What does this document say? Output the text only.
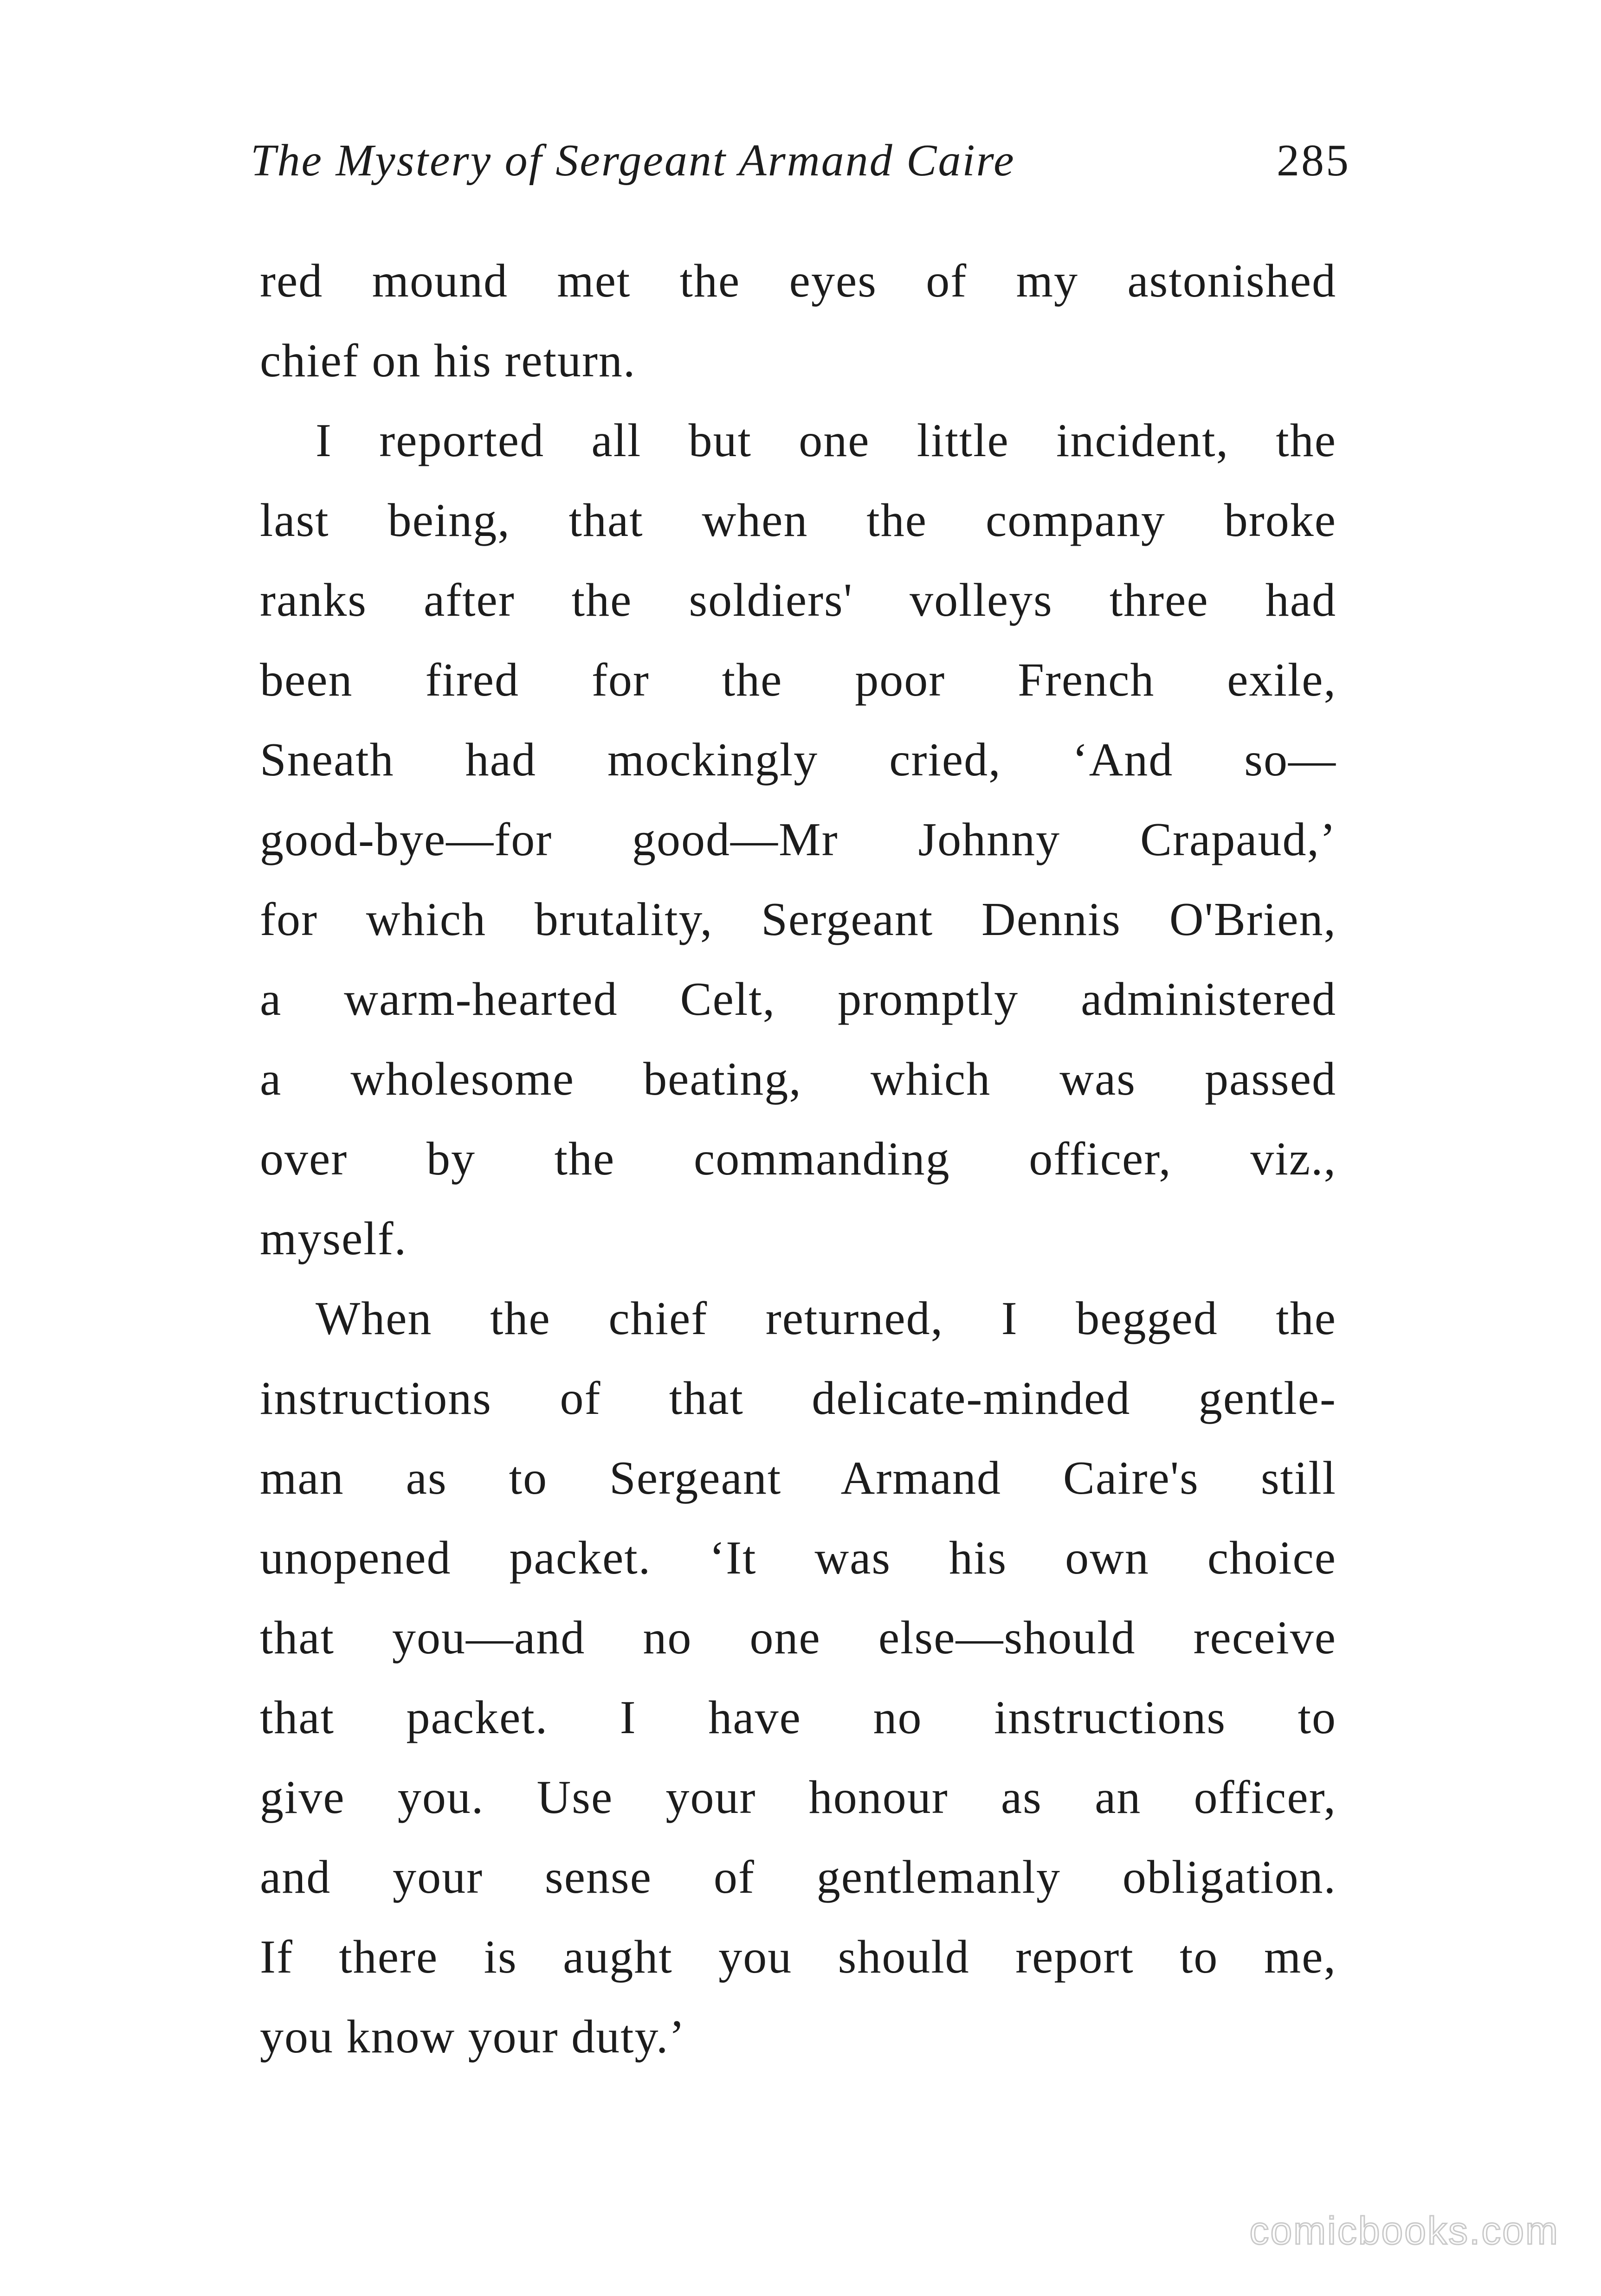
The Mystery of Sergeant Armand Caire	285
red mound met the eyes of my astonished
chief on his return.
I reported all but one little incident, the
last being, that when the company broke
ranks after the soldiers' volleys three had
been fired for the poor French exile,
Sneath had mockingly cried, ‘And so—
good-bye—for good—Mr Johnny Crapaud,’
for which brutality, Sergeant Dennis O'Brien,
a warm-hearted Celt, promptly administered
a wholesome beating, which was passed
over by the commanding officer, viz.,
myself.
When the chief returned, I begged the
instructions of that delicate-minded gentle-
man as to Sergeant Armand Caire's still
unopened packet. ‘It was his own choice
that you—and no one else—should receive
that packet. I have no instructions to
give you. Use your honour as an officer,
and your sense of gentlemanly obligation.
If there is aught you should report to me,
you know your duty.’
comicbooks.com
